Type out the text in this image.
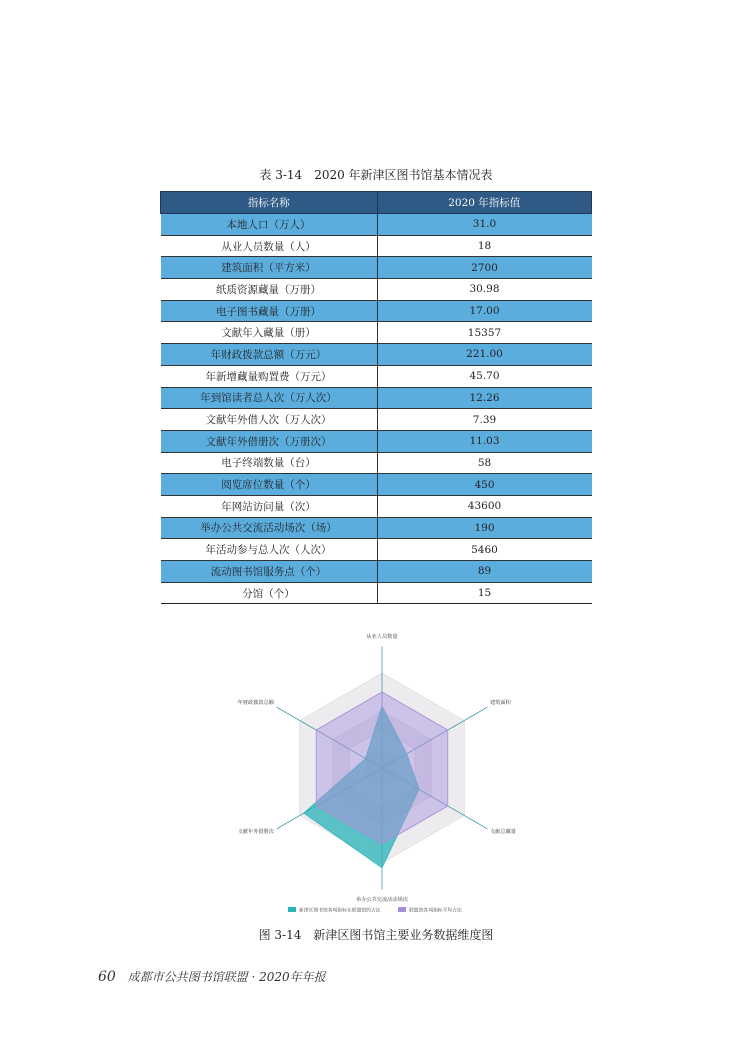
表 3-14　2020 年新津区图书馆基本情况表
指标名称	2020 年指标值
本地人口（万人）	31.0
从业人员数量（人）	18
建筑面积（平方米）	2700
纸质资源藏量（万册）	30.98
电子图书藏量（万册）	17.00
文献年入藏量（册）	15357
年财政拨款总额（万元）	221.00
年新增藏量购置费（万元）	45.70
年到馆读者总人次（万人次）	12.26
文献年外借人次（万人次）	7.39
文献年外借册次（万册次）	11.03
电子终端数量（台）	58
阅览席位数量（个）	450
年网站访问量（次）	43600
举办公共交流活动场次（场）	190
年活动参与总人次（人次）	5460
流动图书馆服务点（个）	89
分馆（个）	15
从业人员数量
建筑面积
文献总藏量
举办公共交流活动场次
文献年外借册次
年财政拨款总额
新津区图书馆各项指标在联盟馆的占比	联盟馆各项指标平均占比
图 3-14　新津区图书馆主要业务数据维度图
60 成都市公共图书馆联盟 · 2020年年报
